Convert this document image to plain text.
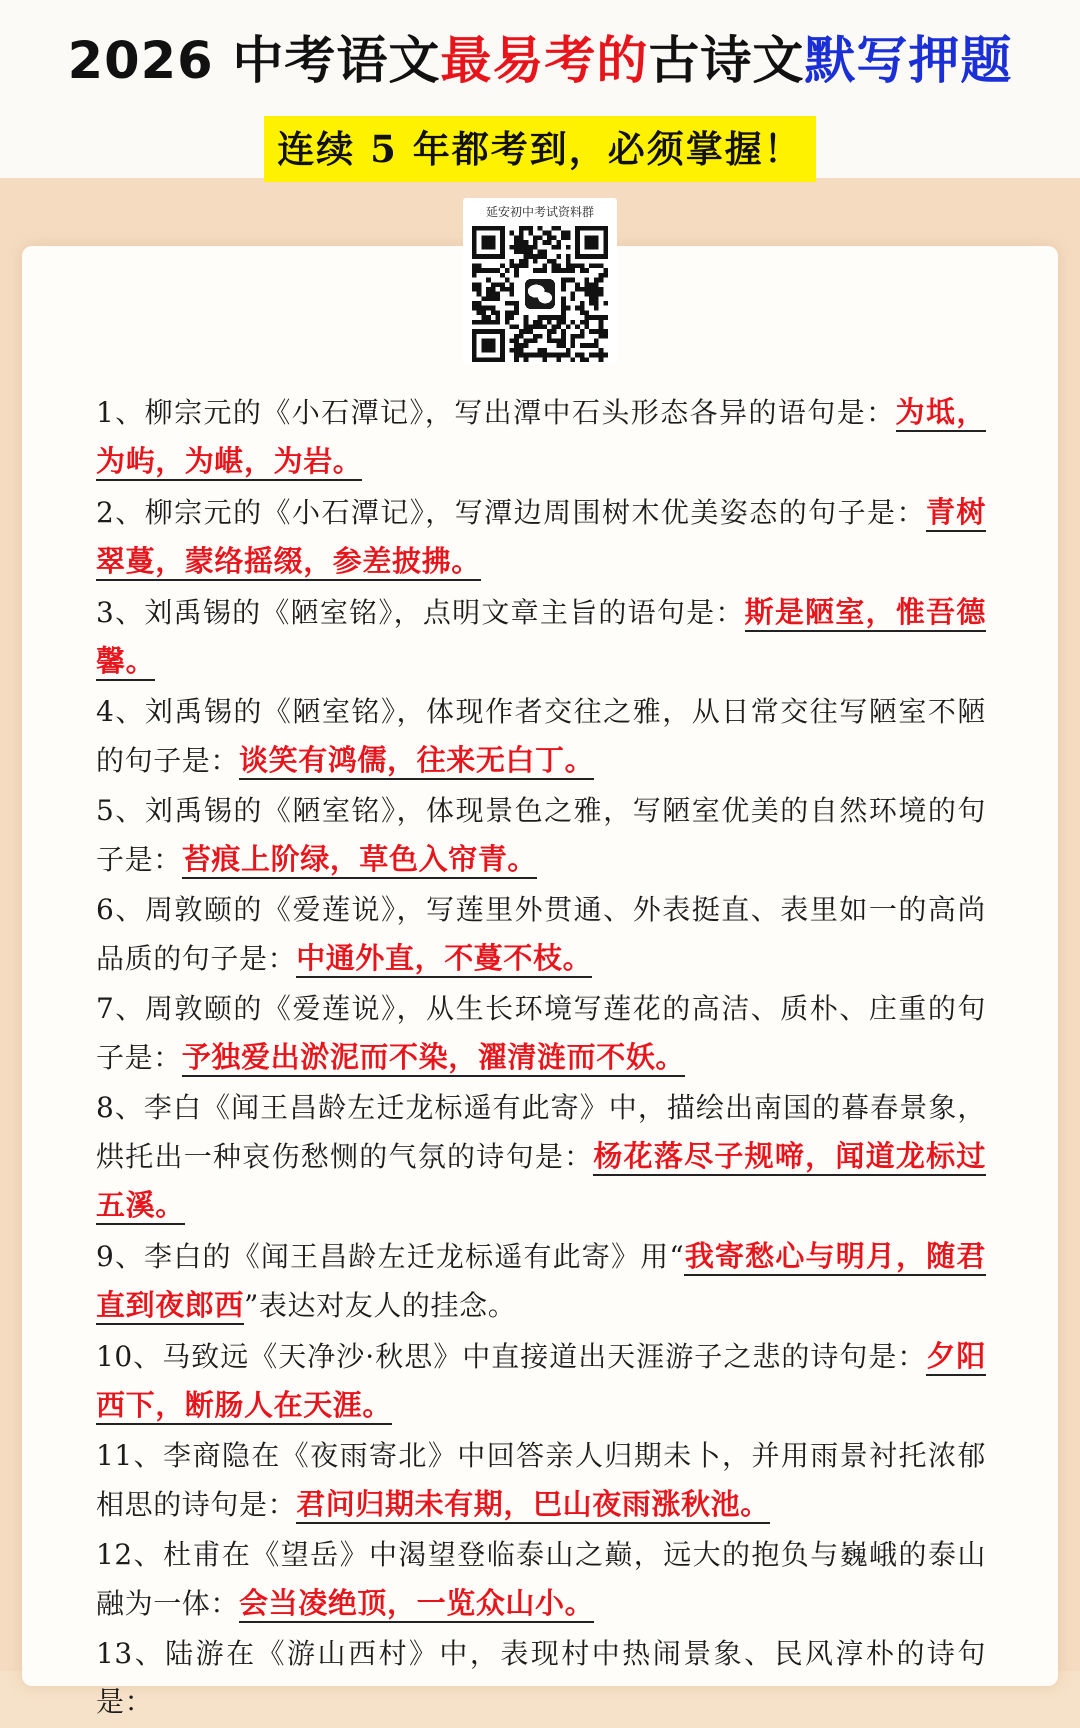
2026 中考语文最易考的古诗文默写押题
连续 5 年都考到，必须掌握！
延安初中考试资料群

1、柳宗元的《小石潭记》，写出潭中石头形态各异的语句是：为坻，为屿，为嵁，为岩。

2、柳宗元的《小石潭记》，写潭边周围树木优美姿态的句子是：青树翠蔓，蒙络摇缀，参差披拂。

3、刘禹锡的《陋室铭》，点明文章主旨的语句是：斯是陋室，惟吾德馨。

4、刘禹锡的《陋室铭》，体现作者交往之雅，从日常交往写陋室不陋的句子是：谈笑有鸿儒，往来无白丁。

5、刘禹锡的《陋室铭》，体现景色之雅，写陋室优美的自然环境的句子是：苔痕上阶绿，草色入帘青。

6、周敦颐的《爱莲说》，写莲里外贯通、外表挺直、表里如一的高尚品质的句子是：中通外直，不蔓不枝。

7、周敦颐的《爱莲说》，从生长环境写莲花的高洁、质朴、庄重的句子是：予独爱出淤泥而不染，濯清涟而不妖。

8、李白《闻王昌龄左迁龙标遥有此寄》中，描绘出南国的暮春景象，烘托出一种哀伤愁恻的气氛的诗句是：杨花落尽子规啼，闻道龙标过五溪。

9、李白的《闻王昌龄左迁龙标遥有此寄》用“我寄愁心与明月，随君直到夜郎西”表达对友人的挂念。

10、马致远《天净沙·秋思》中直接道出天涯游子之悲的诗句是：夕阳西下，断肠人在天涯。

11、李商隐在《夜雨寄北》中回答亲人归期未卜，并用雨景衬托浓郁相思的诗句是：君问归期未有期，巴山夜雨涨秋池。

12、杜甫在《望岳》中渴望登临泰山之巅，远大的抱负与巍峨的泰山融为一体：会当凌绝顶，一览众山小。

13、陆游在《游山西村》中，表现村中热闹景象、民风淳朴的诗句是：
